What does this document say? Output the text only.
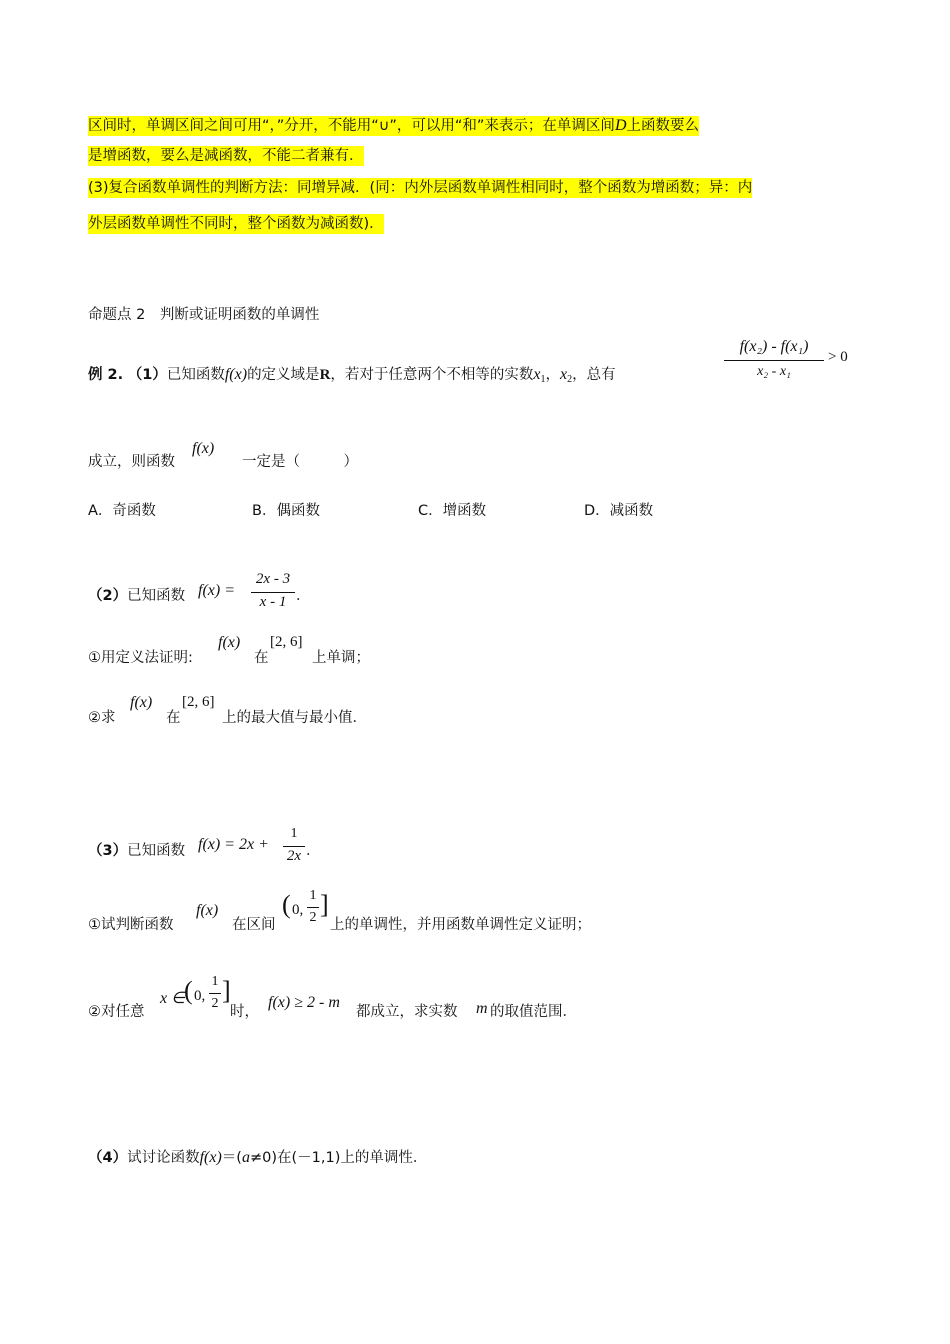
区间时，单调区间之间可用“，”分开，不能用“∪”，可以用“和”来表示；在单调区间D上函数要么
是增函数，要么是减函数，不能二者兼有．
(3)复合函数单调性的判断方法：同增异减．(同：内外层函数单调性相同时，整个函数为增函数；异：内
外层函数单调性不同时，整个函数为减函数)．
命题点 2　判断或证明函数的单调性
例 2. （1）已知函数f(x)的定义域是R，若对于任意两个不相等的实数$x_1$，$x_2$，总有
f(x₂) - f(x₁)
x₂ - x₁
> 0
成立，则函数
f(x)
一定是（　　　）
A．奇函数	B．偶函数	C．增函数	D．减函数
（2）已知函数 f(x) =
2x - 3
x - 1 ．
①用定义法证明:
f(x)
在
[2, 6]
上单调；
②求
f(x)
在
[2, 6]
上的最大值与最小值．
（3）已知函数 f(x) = 2x +
1
2x ．
①试判断函数
f(x)
在区间
( 0,
1
2 ]
上的单调性，并用函数单调性定义证明；
②对任意
x ∈
( 0,
1
2 ]
时，
f(x) ≥ 2 - m
都成立，求实数 m 的取值范围．
（4）试讨论函数f(x)＝(a≠0)在(－1,1)上的单调性．
